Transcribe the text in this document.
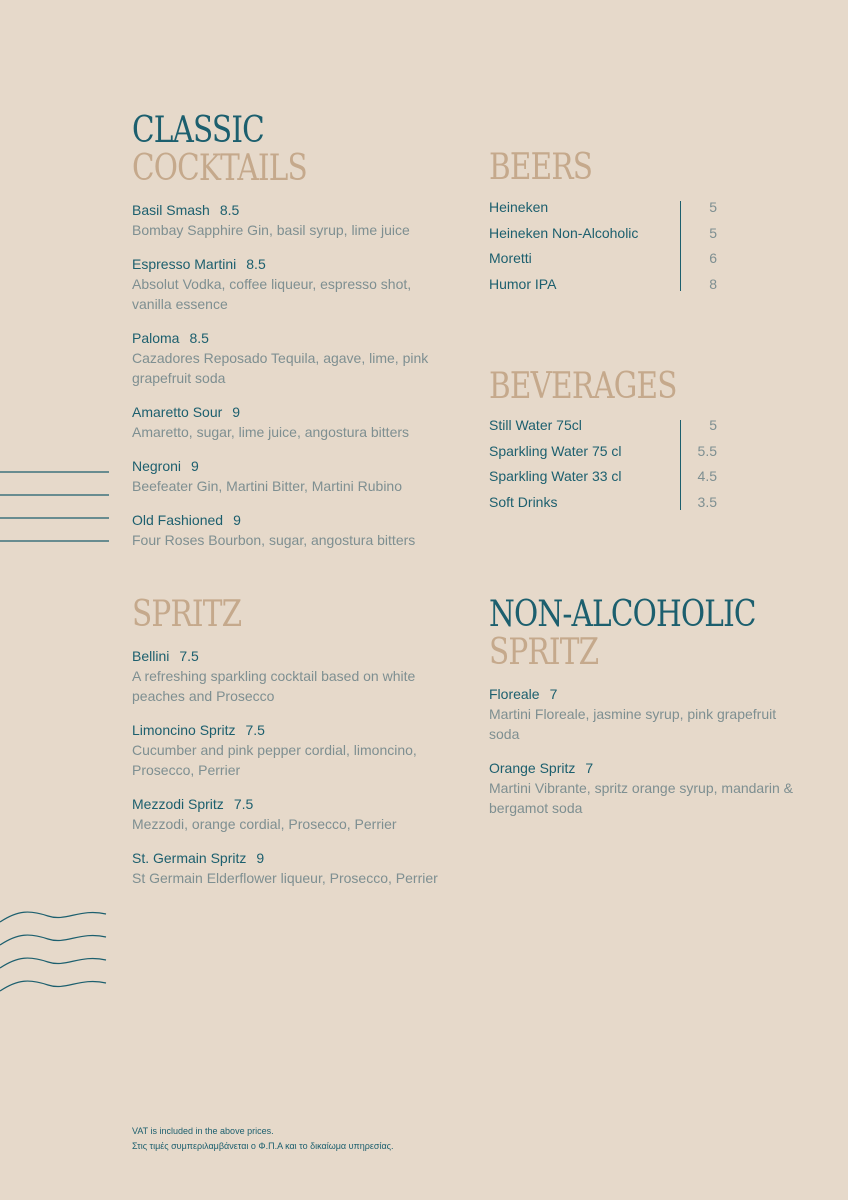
CLASSIC
COCKTAILS
Basil Smash 8.5
Bombay Sapphire Gin, basil syrup, lime juice
Espresso Martini 8.5
Absolut Vodka, coffee liqueur, espresso shot, vanilla essence
Paloma 8.5
Cazadores Reposado Tequila, agave, lime, pink grapefruit soda
Amaretto Sour 9
Amaretto, sugar, lime juice, angostura bitters
Negroni 9
Beefeater Gin, Martini Bitter, Martini Rubino
Old Fashioned 9
Four Roses Bourbon, sugar, angostura bitters
BEERS
Heineken	5
Heineken Non-Alcoholic	5
Moretti	6
Humor IPA	8
BEVERAGES
Still Water 75cl	5
Sparkling Water 75 cl	5.5
Sparkling Water 33 cl	4.5
Soft Drinks	3.5
SPRITZ
Bellini 7.5
A refreshing sparkling cocktail based on white peaches and Prosecco
Limoncino Spritz 7.5
Cucumber and pink pepper cordial, limoncino, Prosecco, Perrier
Mezzodi Spritz 7.5
Mezzodi, orange cordial, Prosecco, Perrier
St. Germain Spritz 9
St Germain Elderflower liqueur, Prosecco, Perrier
NON-ALCOHOLIC
SPRITZ
Floreale 7
Martini Floreale, jasmine syrup, pink grapefruit soda
Orange Spritz 7
Martini Vibrante, spritz orange syrup, mandarin & bergamot soda
VAT is included in the above prices.
Στις τιμές συμπεριλαμβάνεται ο Φ.Π.Α και το δικαίωμα υπηρεσίας.
